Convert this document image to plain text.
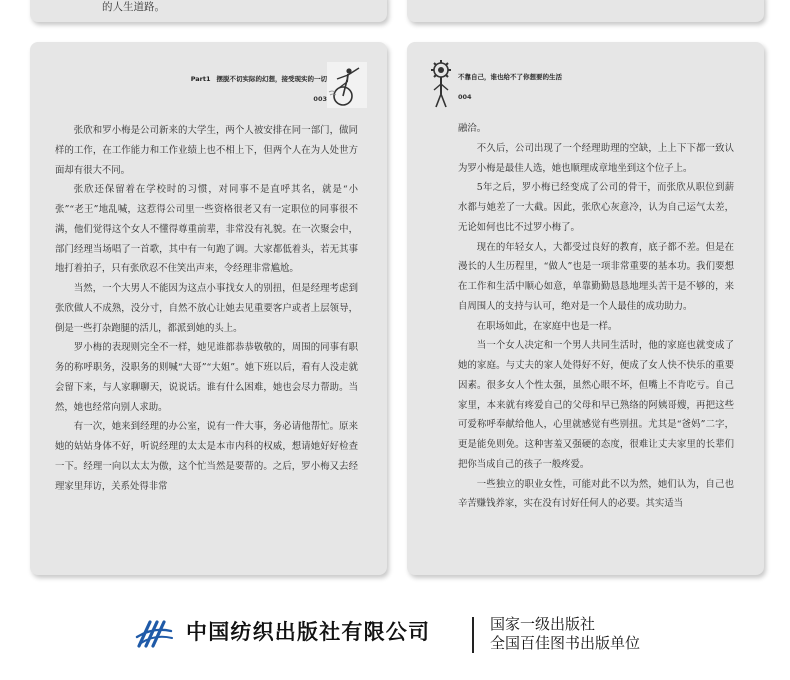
的人生道路。
Part1 摆脱不切实际的幻想，接受现实的一切
003

张欣和罗小梅是公司新来的大学生，两个人被安排在同一部门，做同样的工作，在工作能力和工作业绩上也不相上下，但两个人在为人处世方面却有很大不同。

张欣还保留着在学校时的习惯，对同事不是直呼其名，就是“小张”“老王”地乱喊，这惹得公司里一些资格很老又有一定职位的同事很不满，他们觉得这个女人不懂得尊重前辈，非常没有礼貌。在一次聚会中，部门经理当场唱了一首歌，其中有一句跑了调。大家都低着头，若无其事地打着拍子，只有张欣忍不住笑出声来，令经理非常尴尬。

当然，一个大男人不能因为这点小事找女人的别扭，但是经理考虑到张欣做人不成熟，没分寸，自然不放心让她去见重要客户或者上层领导，倒是一些打杂跑腿的活儿，都派到她的头上。

罗小梅的表现则完全不一样，她见谁都恭恭敬敬的，周围的同事有职务的称呼职务，没职务的则喊“大哥”“大姐”。她下班以后，看有人没走就会留下来，与人家聊聊天，说说话。谁有什么困难，她也会尽力帮助。当然，她也经常向别人求助。

有一次，她来到经理的办公室，说有一件大事，务必请他帮忙。原来她的姑姑身体不好，听说经理的太太是本市内科的权威，想请她好好检查一下。经理一向以太太为傲，这个忙当然是要帮的。之后，罗小梅又去经理家里拜访，关系处得非常

不靠自己，谁也给不了你想要的生活
004

融洽。

不久后，公司出现了一个经理助理的空缺，上上下下都一致认为罗小梅是最佳人选，她也顺理成章地坐到这个位子上。

5年之后，罗小梅已经变成了公司的骨干，而张欣从职位到薪水都与她差了一大截。因此，张欣心灰意冷，认为自己运气太差，无论如何也比不过罗小梅了。

现在的年轻女人，大都受过良好的教育，底子都不差。但是在漫长的人生历程里，“做人”也是一项非常重要的基本功。我们要想在工作和生活中顺心如意，单靠勤勤恳恳地埋头苦干是不够的，来自周围人的支持与认可，绝对是一个人最佳的成功助力。

在职场如此，在家庭中也是一样。

当一个女人决定和一个男人共同生活时，他的家庭也就变成了她的家庭。与丈夫的家人处得好不好，便成了女人快不快乐的重要因素。很多女人个性太强，虽然心眼不坏，但嘴上不肯吃亏。自己家里，本来就有疼爱自己的父母和早已熟络的阿姨哥嫂，再把这些可爱称呼奉献给他人，心里就感觉有些别扭。尤其是“爸妈”二字，更是能免则免。这种害羞又强硬的态度，很难让丈夫家里的长辈们把你当成自己的孩子一般疼爱。

一些独立的职业女性，可能对此不以为然，她们认为，自己也辛苦赚钱养家，实在没有讨好任何人的必要。其实适当

中国纺织出版社有限公司	国家一级出版社
全国百佳图书出版单位
